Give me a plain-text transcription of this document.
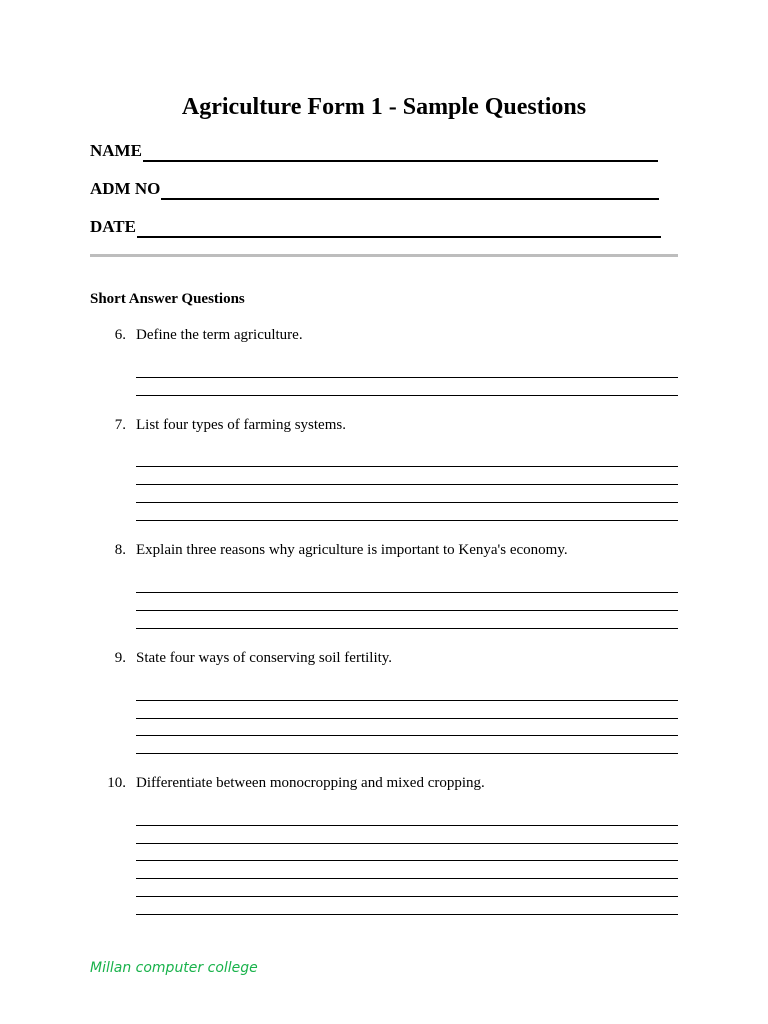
Agriculture Form 1 - Sample Questions
NAME
ADM NO
DATE
Short Answer Questions
6. Define the term agriculture.
7. List four types of farming systems.
8. Explain three reasons why agriculture is important to Kenya's economy.
9. State four ways of conserving soil fertility.
10. Differentiate between monocropping and mixed cropping.
Millan computer college
